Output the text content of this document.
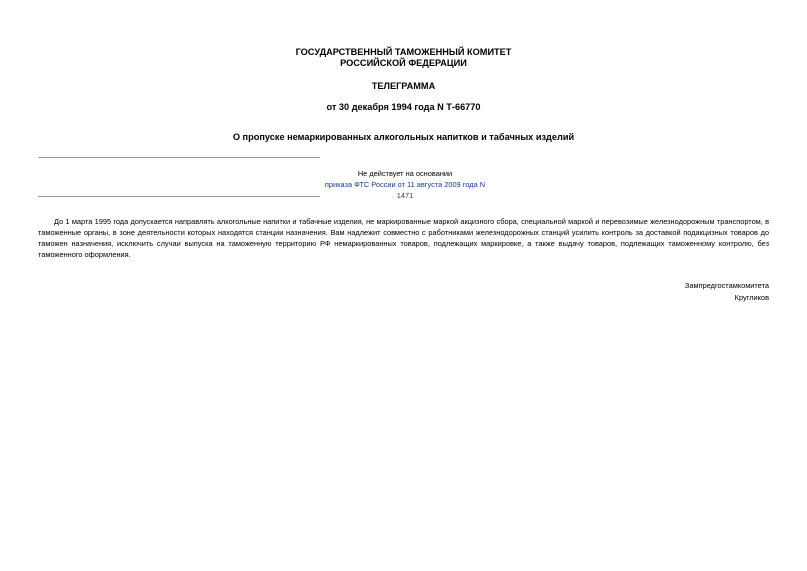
ГОСУДАРСТВЕННЫЙ ТАМОЖЕННЫЙ КОМИТЕТ
РОССИЙСКОЙ ФЕДЕРАЦИИ
ТЕЛЕГРАММА
от 30 декабря 1994 года N Т-66770
О пропуске немаркированных алкогольных напитков и табачных изделий
Не действует на основании
приказа ФТС России от 11 августа 2009 года N 1471

До 1 марта 1995 года допускается направлять алкогольные напитки и табачные изделия, не маркированные маркой акцизного сбора, специальной маркой и перевозимые железнодорожным транспортом, в таможенные органы, в зоне деятельности которых находятся станции назначения. Вам надлежит совместно с работниками железнодорожных станций усилить контроль за доставкой подакцизных товаров до таможен назначения, исключить случаи выпуска на таможенную территорию РФ немаркированных товаров, подлежащих маркировке, а также выдачу товаров, подлежащих таможенному контролю, без таможенного оформления.

Зампредгостамкомитета
Кругликов
